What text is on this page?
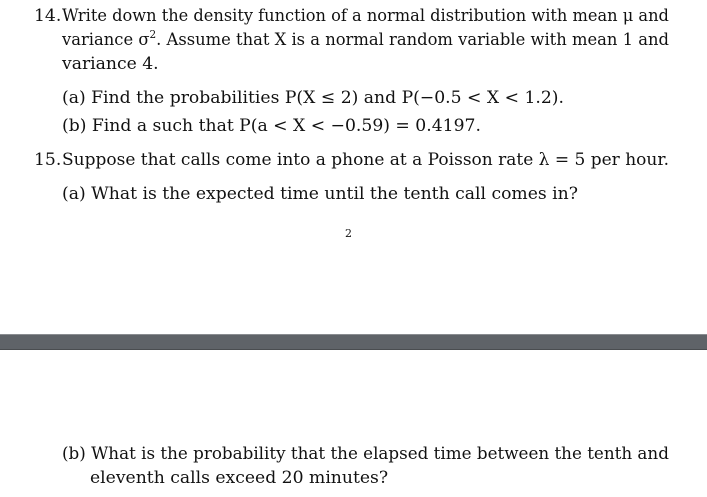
14. Write down the density function of a normal distribution with mean μ and
variance $\sigma^2$. Assume that X is a normal random variable with mean 1 and
variance 4.
(a) Find the probabilities P(X ≤ 2) and P(−0.5 < X < 1.2).
(b) Find a such that P(a < X < −0.59) = 0.4197.
15. Suppose that calls come into a phone at a Poisson rate λ = 5 per hour.
(a) What is the expected time until the tenth call comes in?
2
(b) What is the probability that the elapsed time between the tenth and
eleventh calls exceed 20 minutes?
